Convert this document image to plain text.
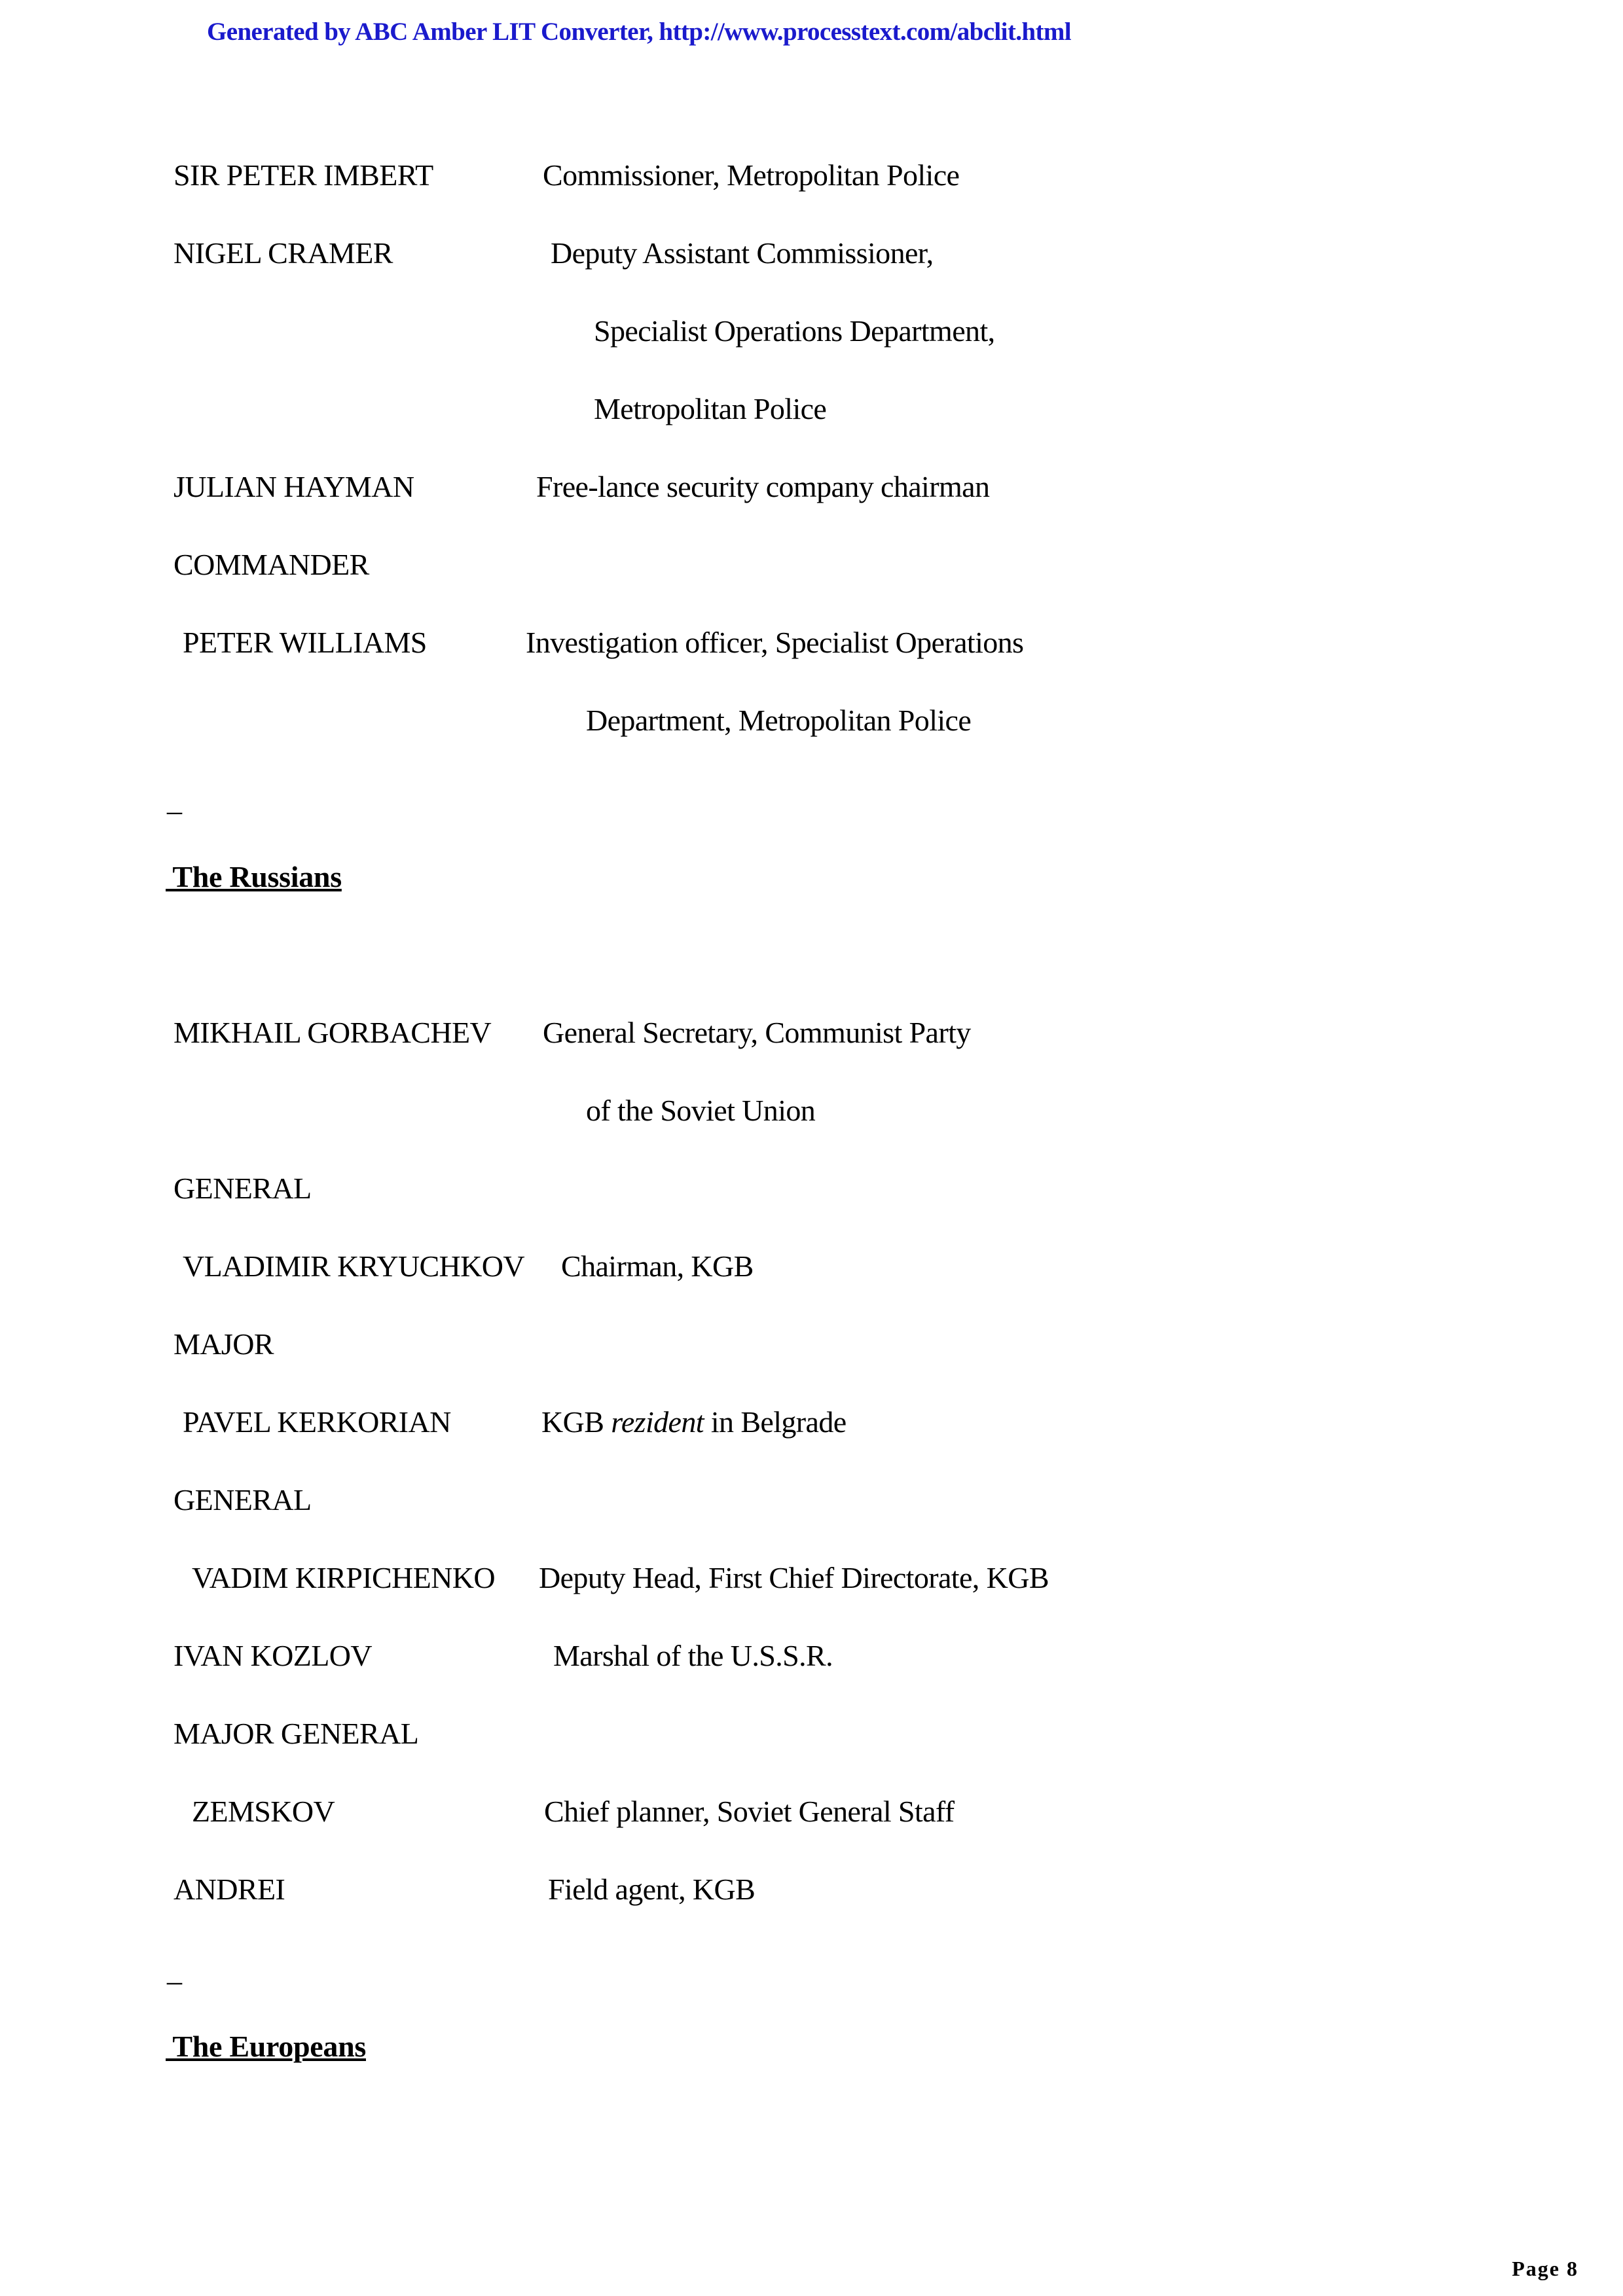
Generated by ABC Amber LIT Converter, http://www.processtext.com/abclit.html
SIR PETER IMBERT	Commissioner, Metropolitan Police
NIGEL CRAMER	Deputy Assistant Commissioner,
Specialist Operations Department,
Metropolitan Police
JULIAN HAYMAN	Free-lance security company chairman
COMMANDER
PETER WILLIAMS	Investigation officer, Specialist Operations
Department, Metropolitan Police
_
The Russians
MIKHAIL GORBACHEV General Secretary, Communist Party
of the Soviet Union
GENERAL
VLADIMIR KRYUCHKOV Chairman, KGB
MAJOR
PAVEL KERKORIAN	KGB rezident in Belgrade
GENERAL
VADIM KIRPICHENKO Deputy Head, First Chief Directorate, KGB
IVAN KOZLOV	Marshal of the U.S.S.R.
MAJOR GENERAL
ZEMSKOV	Chief planner, Soviet General Staff
ANDREI	Field agent, KGB
_
The Europeans
Page 8
